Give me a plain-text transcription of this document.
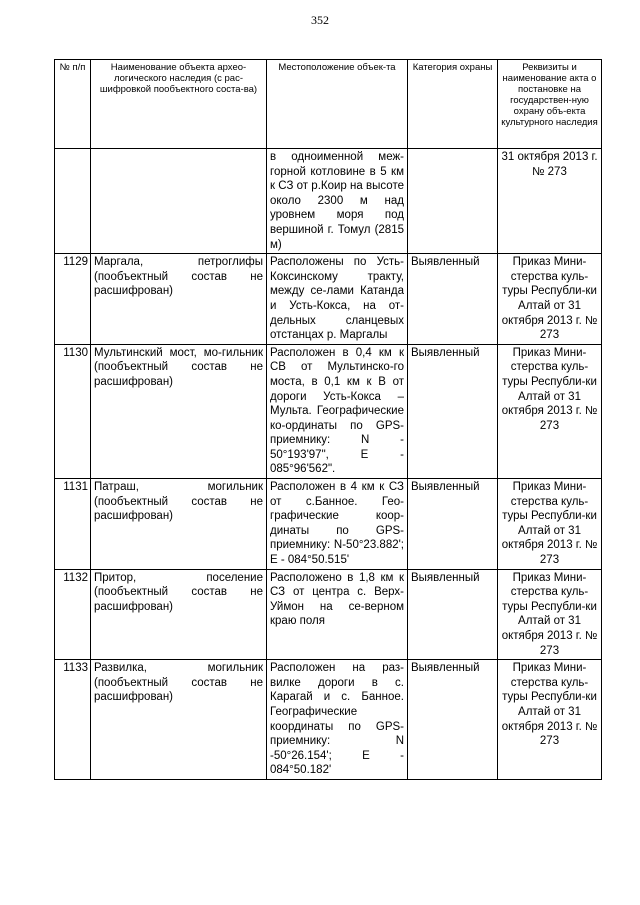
352
№ п/п	Наименование объекта архео-логического наследия (с рас-шифровкой пообъектного соста-ва)	Местоположение объек-та	Категория охраны	Реквизиты и наименование акта о постановке на государствен-ную охрану объ-екта культурного наследия
		в одноименной меж-горной котловине в 5 км к СЗ от р.Коир на высоте около 2300 м над уровнем моря под вершиной г. Томул (2815 м)		31 октября 2013 г. № 273
1129	Маргала, петроглифы (пообъектный состав не расшифрован)	Расположены по Усть-Коксинскому тракту, между се-лами Катанда и Усть-Кокса, на от-дельных сланцевых отстанцах р. Маргалы	Выявленный	Приказ Мини-стерства куль-туры Республи-ки Алтай от 31 октября 2013 г. № 273
1130	Мультинский мост, мо-гильник (пообъектный состав не расшифрован)	Расположен в 0,4 км к СВ от Мультинско-го моста, в 0,1 км к В от дороги Усть-Кокса – Мульта. Географические ко-ординаты по GPS-приемнику: N - 50°193'97", E - 085°96'562".	Выявленный	Приказ Мини-стерства куль-туры Республи-ки Алтай от 31 октября 2013 г. № 273
1131	Патраш, могильник (пообъектный состав не расшифрован)	Расположен в 4 км к СЗ от с.Банное. Гео-графические коор-динаты по GPS-приемнику: N-50°23.882'; E - 084°50.515'	Выявленный	Приказ Мини-стерства куль-туры Республи-ки Алтай от 31 октября 2013 г. № 273
1132	Притор, поселение (пообъектный состав не расшифрован)	Расположено в 1,8 км к СЗ от центра с. Верх-Уймон на се-верном краю поля	Выявленный	Приказ Мини-стерства куль-туры Республи-ки Алтай от 31 октября 2013 г. № 273
1133	Развилка, могильник (пообъектный состав не расшифрован)	Расположен на раз-вилке дороги в с. Карагай и с. Банное. Географические координаты по GPS-приемнику: N -50°26.154'; E - 084°50.182'	Выявленный	Приказ Мини-стерства куль-туры Республи-ки Алтай от 31 октября 2013 г. № 273
